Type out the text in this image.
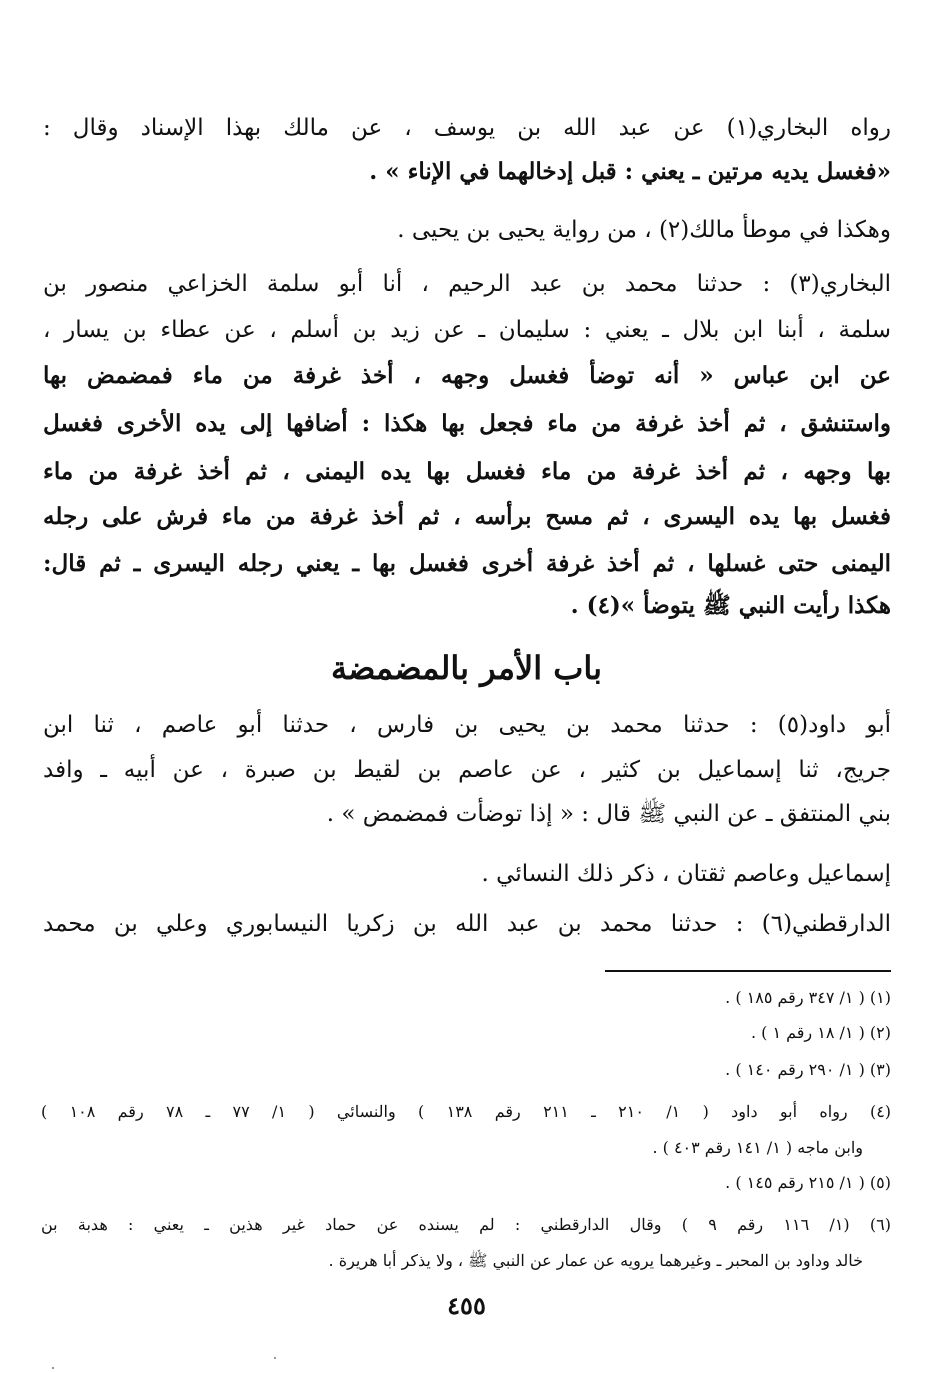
رواه البخاري(١) عن عبد الله بن يوسف ، عن مالك بهذا الإسناد وقال :
«فغسل يديه مرتين ـ يعني : قبل إدخالهما في الإناء » .
وهكذا في موطأ مالك(٢) ، من رواية يحيى بن يحيى .
البخاري(٣) : حدثنا محمد بن عبد الرحيم ، أنا أبو سلمة الخزاعي منصور بن
سلمة ، أبنا ابن بلال ـ يعني : سليمان ـ عن زيد بن أسلم ، عن عطاء بن يسار ،
عن ابن عباس « أنه توضأ فغسل وجهه ، أخذ غرفة من ماء فمضمض بها
واستنشق ، ثم أخذ غرفة من ماء فجعل بها هكذا : أضافها إلى يده الأخرى فغسل
بها وجهه ، ثم أخذ غرفة من ماء فغسل بها يده اليمنى ، ثم أخذ غرفة من ماء
فغسل بها يده اليسرى ، ثم مسح برأسه ، ثم أخذ غرفة من ماء فرش على رجله
اليمنى حتى غسلها ، ثم أخذ غرفة أخرى فغسل بها ـ يعني رجله اليسرى ـ ثم قال:
هكذا رأيت النبي ﷺ يتوضأ »(٤) .
باب الأمر بالمضمضة
أبو داود(٥) : حدثنا محمد بن يحيى بن فارس ، حدثنا أبو عاصم ، ثنا ابن
جريج، ثنا إسماعيل بن كثير ، عن عاصم بن لقيط بن صبرة ، عن أبيه ـ وافد
بني المنتفق ـ عن النبي ﷺ قال : « إذا توضأت فمضمض » .
إسماعيل وعاصم ثقتان ، ذكر ذلك النسائي .
الدارقطني(٦) : حدثنا محمد بن عبد الله بن زكريا النيسابوري وعلي بن محمد
(١) ( ١/ ٣٤٧ رقم ١٨٥ ) .
(٢) ( ١/ ١٨ رقم ١ ) .
(٣) ( ١/ ٢٩٠ رقم ١٤٠ ) .
(٤) رواه أبو داود ( ١/ ٢١٠ ـ ٢١١ رقم ١٣٨ ) والنسائي ( ١/ ٧٧ ـ ٧٨ رقم ١٠٨ )
وابن ماجه ( ١/ ١٤١ رقم ٤٠٣ ) .
(٥) ( ١/ ٢١٥ رقم ١٤٥ ) .
(٦) (١/ ١١٦ رقم ٩ ) وقال الدارقطني : لم يسنده عن حماد غير هذين ـ يعني : هدبة بن
خالد وداود بن المحبر ـ وغيرهما يرويه عن عمار عن النبي ﷺ ، ولا يذكر أبا هريرة .
٤٥٥
